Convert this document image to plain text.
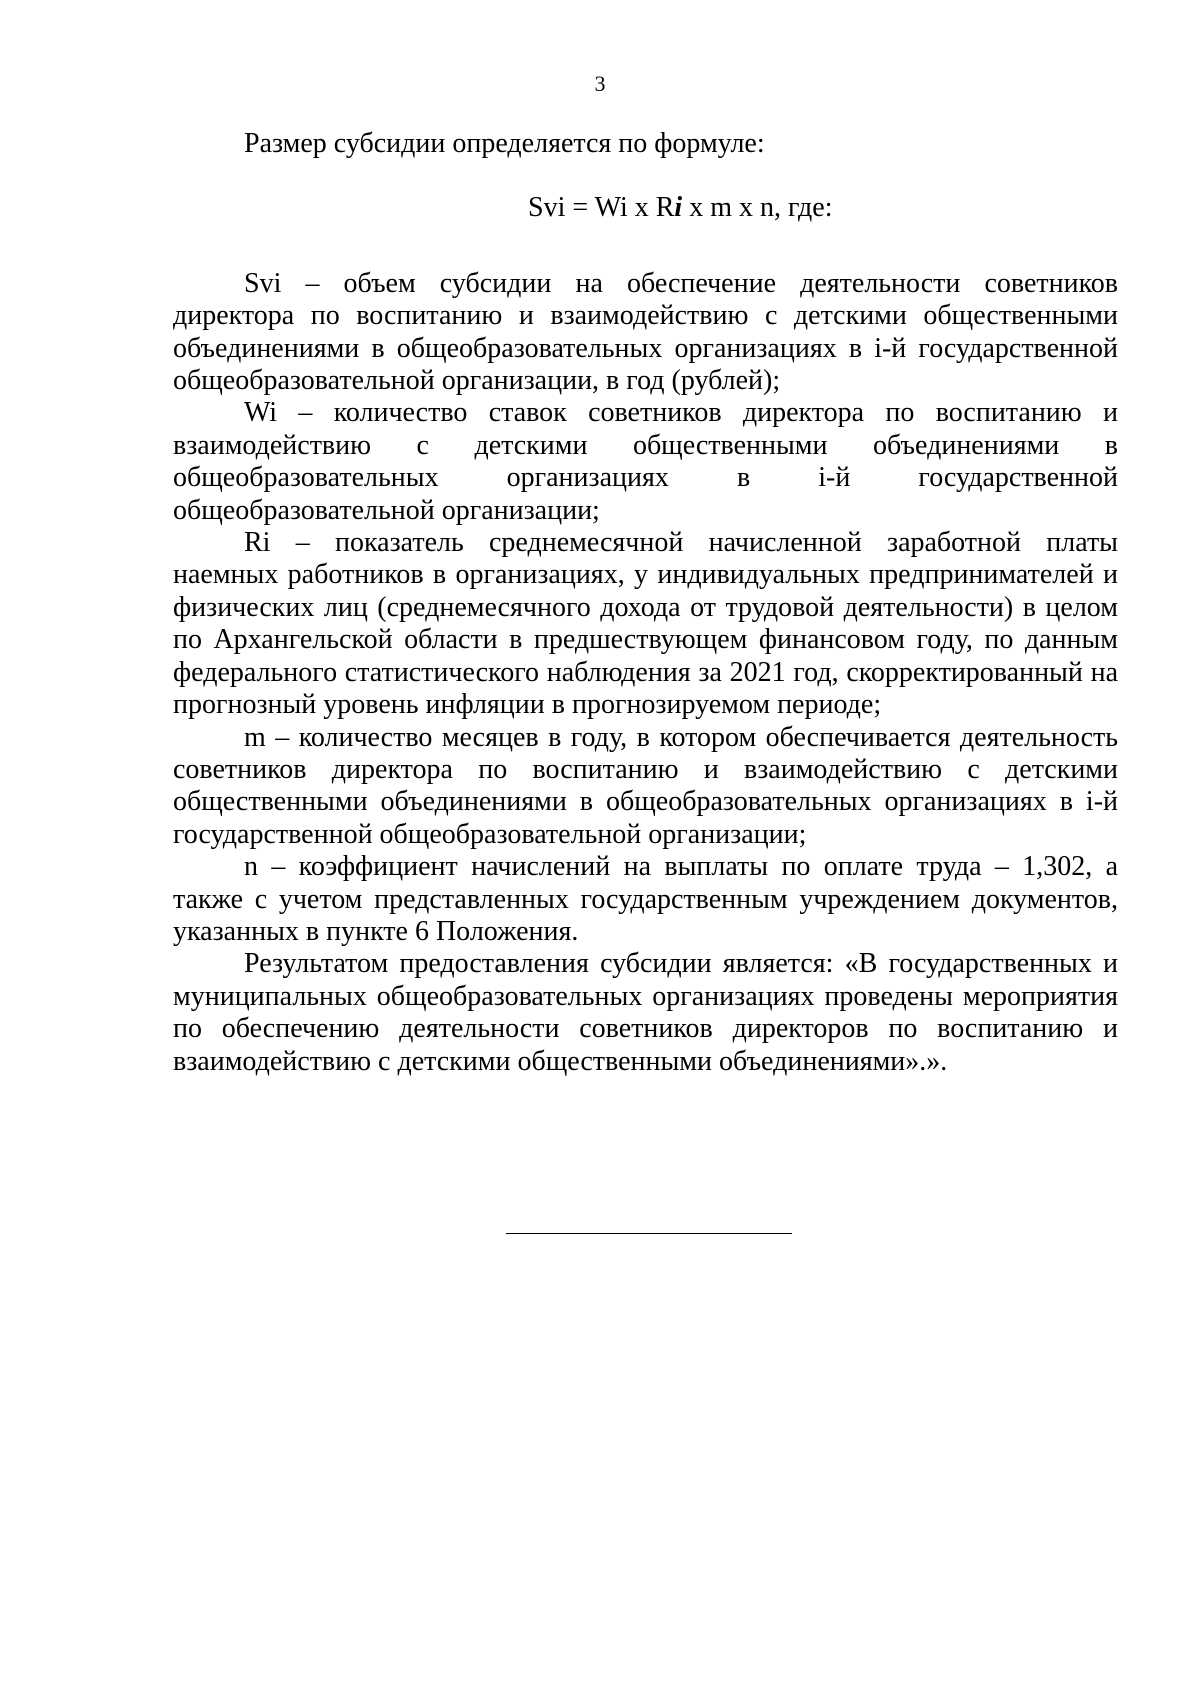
3

Размер субсидии определяется по формуле:

Svi = Wi x Ri x m x n, где:

Svi – объем субсидии на обеспечение деятельности советников директора по воспитанию и взаимодействию с детскими общественными объединениями в общеобразовательных организациях в i-й государственной общеобразовательной организации, в год (рублей);

Wi – количество ставок советников директора по воспитанию и взаимодействию с детскими общественными объединениями в общеобразовательных организациях в i-й государственной общеобразовательной организации;

Ri – показатель среднемесячной начисленной заработной платы наемных работников в организациях, у индивидуальных предпринимателей и физических лиц (среднемесячного дохода от трудовой деятельности) в целом по Архангельской области в предшествующем финансовом году, по данным федерального статистического наблюдения за 2021 год, скорректированный на прогнозный уровень инфляции в прогнозируемом периоде;

m – количество месяцев в году, в котором обеспечивается деятельность советников директора по воспитанию и взаимодействию с детскими общественными объединениями в общеобразовательных организациях в i-й государственной общеобразовательной организации;

n – коэффициент начислений на выплаты по оплате труда – 1,302, а также с учетом представленных государственным учреждением документов, указанных в пункте 6 Положения.

Результатом предоставления субсидии является: «В государственных и муниципальных общеобразовательных организациях проведены мероприятия по обеспечению деятельности советников директоров по воспитанию и взаимодействию с детскими общественными объединениями».».
